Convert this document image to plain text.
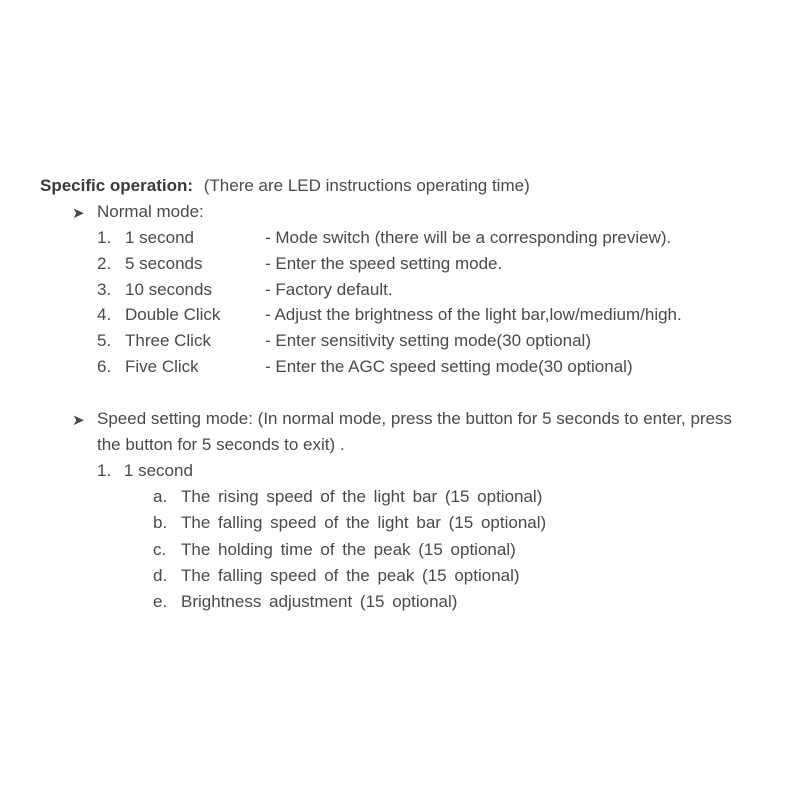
Specific operation: (There are LED instructions operating time)
➤ Normal mode:
1. 1 second	- Mode switch (there will be a corresponding preview).
2. 5 seconds	- Enter the speed setting mode.
3. 10 seconds	- Factory default.
4. Double Click	- Adjust the brightness of the light bar,low/medium/high.
5. Three Click	- Enter sensitivity setting mode(30 optional)
6. Five Click	- Enter the AGC speed setting mode(30 optional)
➤ Speed setting mode: (In normal mode, press the button for 5 seconds to enter, press
the button for 5 seconds to exit) .
1. 1 second
a. The rising speed of the light bar (15 optional)
b. The falling speed of the light bar (15 optional)
c. The holding time of the peak (15 optional)
d. The falling speed of the peak (15 optional)
e. Brightness adjustment (15 optional)
